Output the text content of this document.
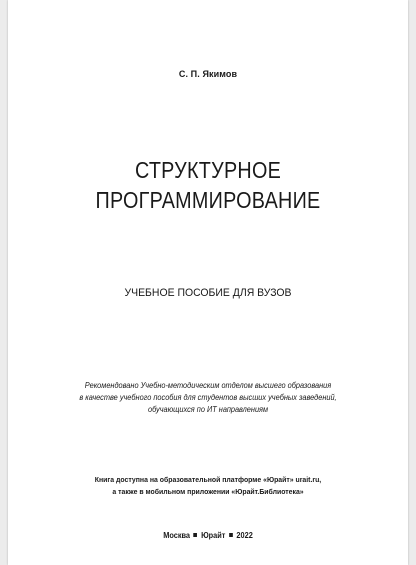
С. П. Якимов
СТРУКТУРНОЕ
ПРОГРАММИРОВАНИЕ
УЧЕБНОЕ ПОСОБИЕ ДЛЯ ВУЗОВ
Рекомендовано Учебно-методическим отделом высшего образования
в качестве учебного пособия для студентов высших учебных заведений,
обучающихся по ИТ направлениям
Книга доступна на образовательной платформе «Юрайт» urait.ru,
а также в мобильном приложении «Юрайт.Библиотека»
Москва Юрайт 2022
